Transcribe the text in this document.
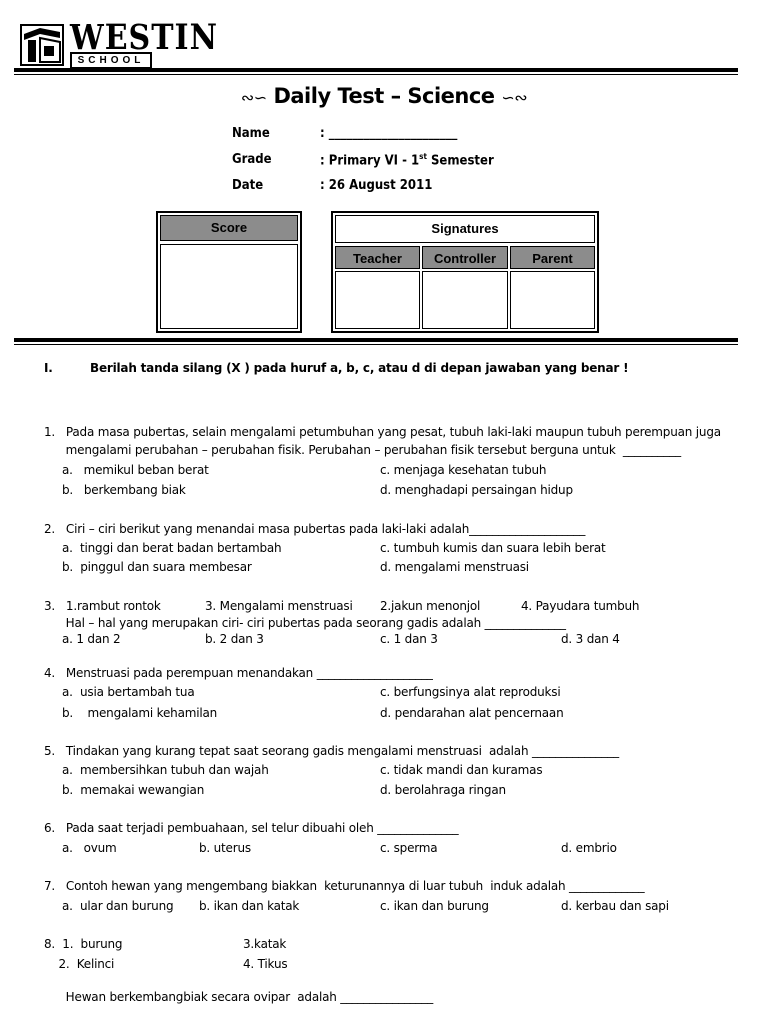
WESTIN
SCHOOL
∾∽ Daily Test – Science ∽∾
Name	: ______________________
Grade	: Primary VI - 1st Semester
Date	: 26 August 2011
Score	Signatures
Teacher	Controller	Parent
I.	Berilah tanda silang (X ) pada huruf a, b, c, atau d di depan jawaban yang benar !
1.   Pada masa pubertas, selain mengalami petumbuhan yang pesat, tubuh laki-laki maupun tubuh perempuan juga
mengalami perubahan – perubahan fisik. Perubahan – perubahan fisik tersebut berguna untuk  __________
a.   memikul beban berat	c. menjaga kesehatan tubuh
b.   berkembang biak	d. menghadapi persaingan hidup
2.   Ciri – ciri berikut yang menandai masa pubertas pada laki-laki adalah____________________
a.  tinggi dan berat badan bertambah	c. tumbuh kumis dan suara lebih berat
b.  pinggul dan suara membesar	d. mengalami menstruasi
3.   1.rambut rontok	3. Mengalami menstruasi 2.jakun menonjol	4. Payudara tumbuh
Hal – hal yang merupakan ciri- ciri pubertas pada seorang gadis adalah ______________
a. 1 dan 2	b. 2 dan 3	c. 1 dan 3	d. 3 dan 4
4.   Menstruasi pada perempuan menandakan ____________________
a.  usia bertambah tua	c. berfungsinya alat reproduksi
b.    mengalami kehamilan	d. pendarahan alat pencernaan
5.   Tindakan yang kurang tepat saat seorang gadis mengalami menstruasi  adalah _______________
a.  membersihkan tubuh dan wajah	c. tidak mandi dan kuramas
b.  memakai wewangian	d. berolahraga ringan
6.   Pada saat terjadi pembuahaan, sel telur dibuahi oleh ______________
a.   ovum	b. uterus	c. sperma	d. embrio
7.   Contoh hewan yang mengembang biakkan  keturunannya di luar tubuh  induk adalah _____________
a.  ular dan burung b. ikan dan katak	c. ikan dan burung	d. kerbau dan sapi
8.  1.  burung	3.katak
2.  Kelinci	4. Tikus
Hewan berkembangbiak secara ovipar  adalah ________________
